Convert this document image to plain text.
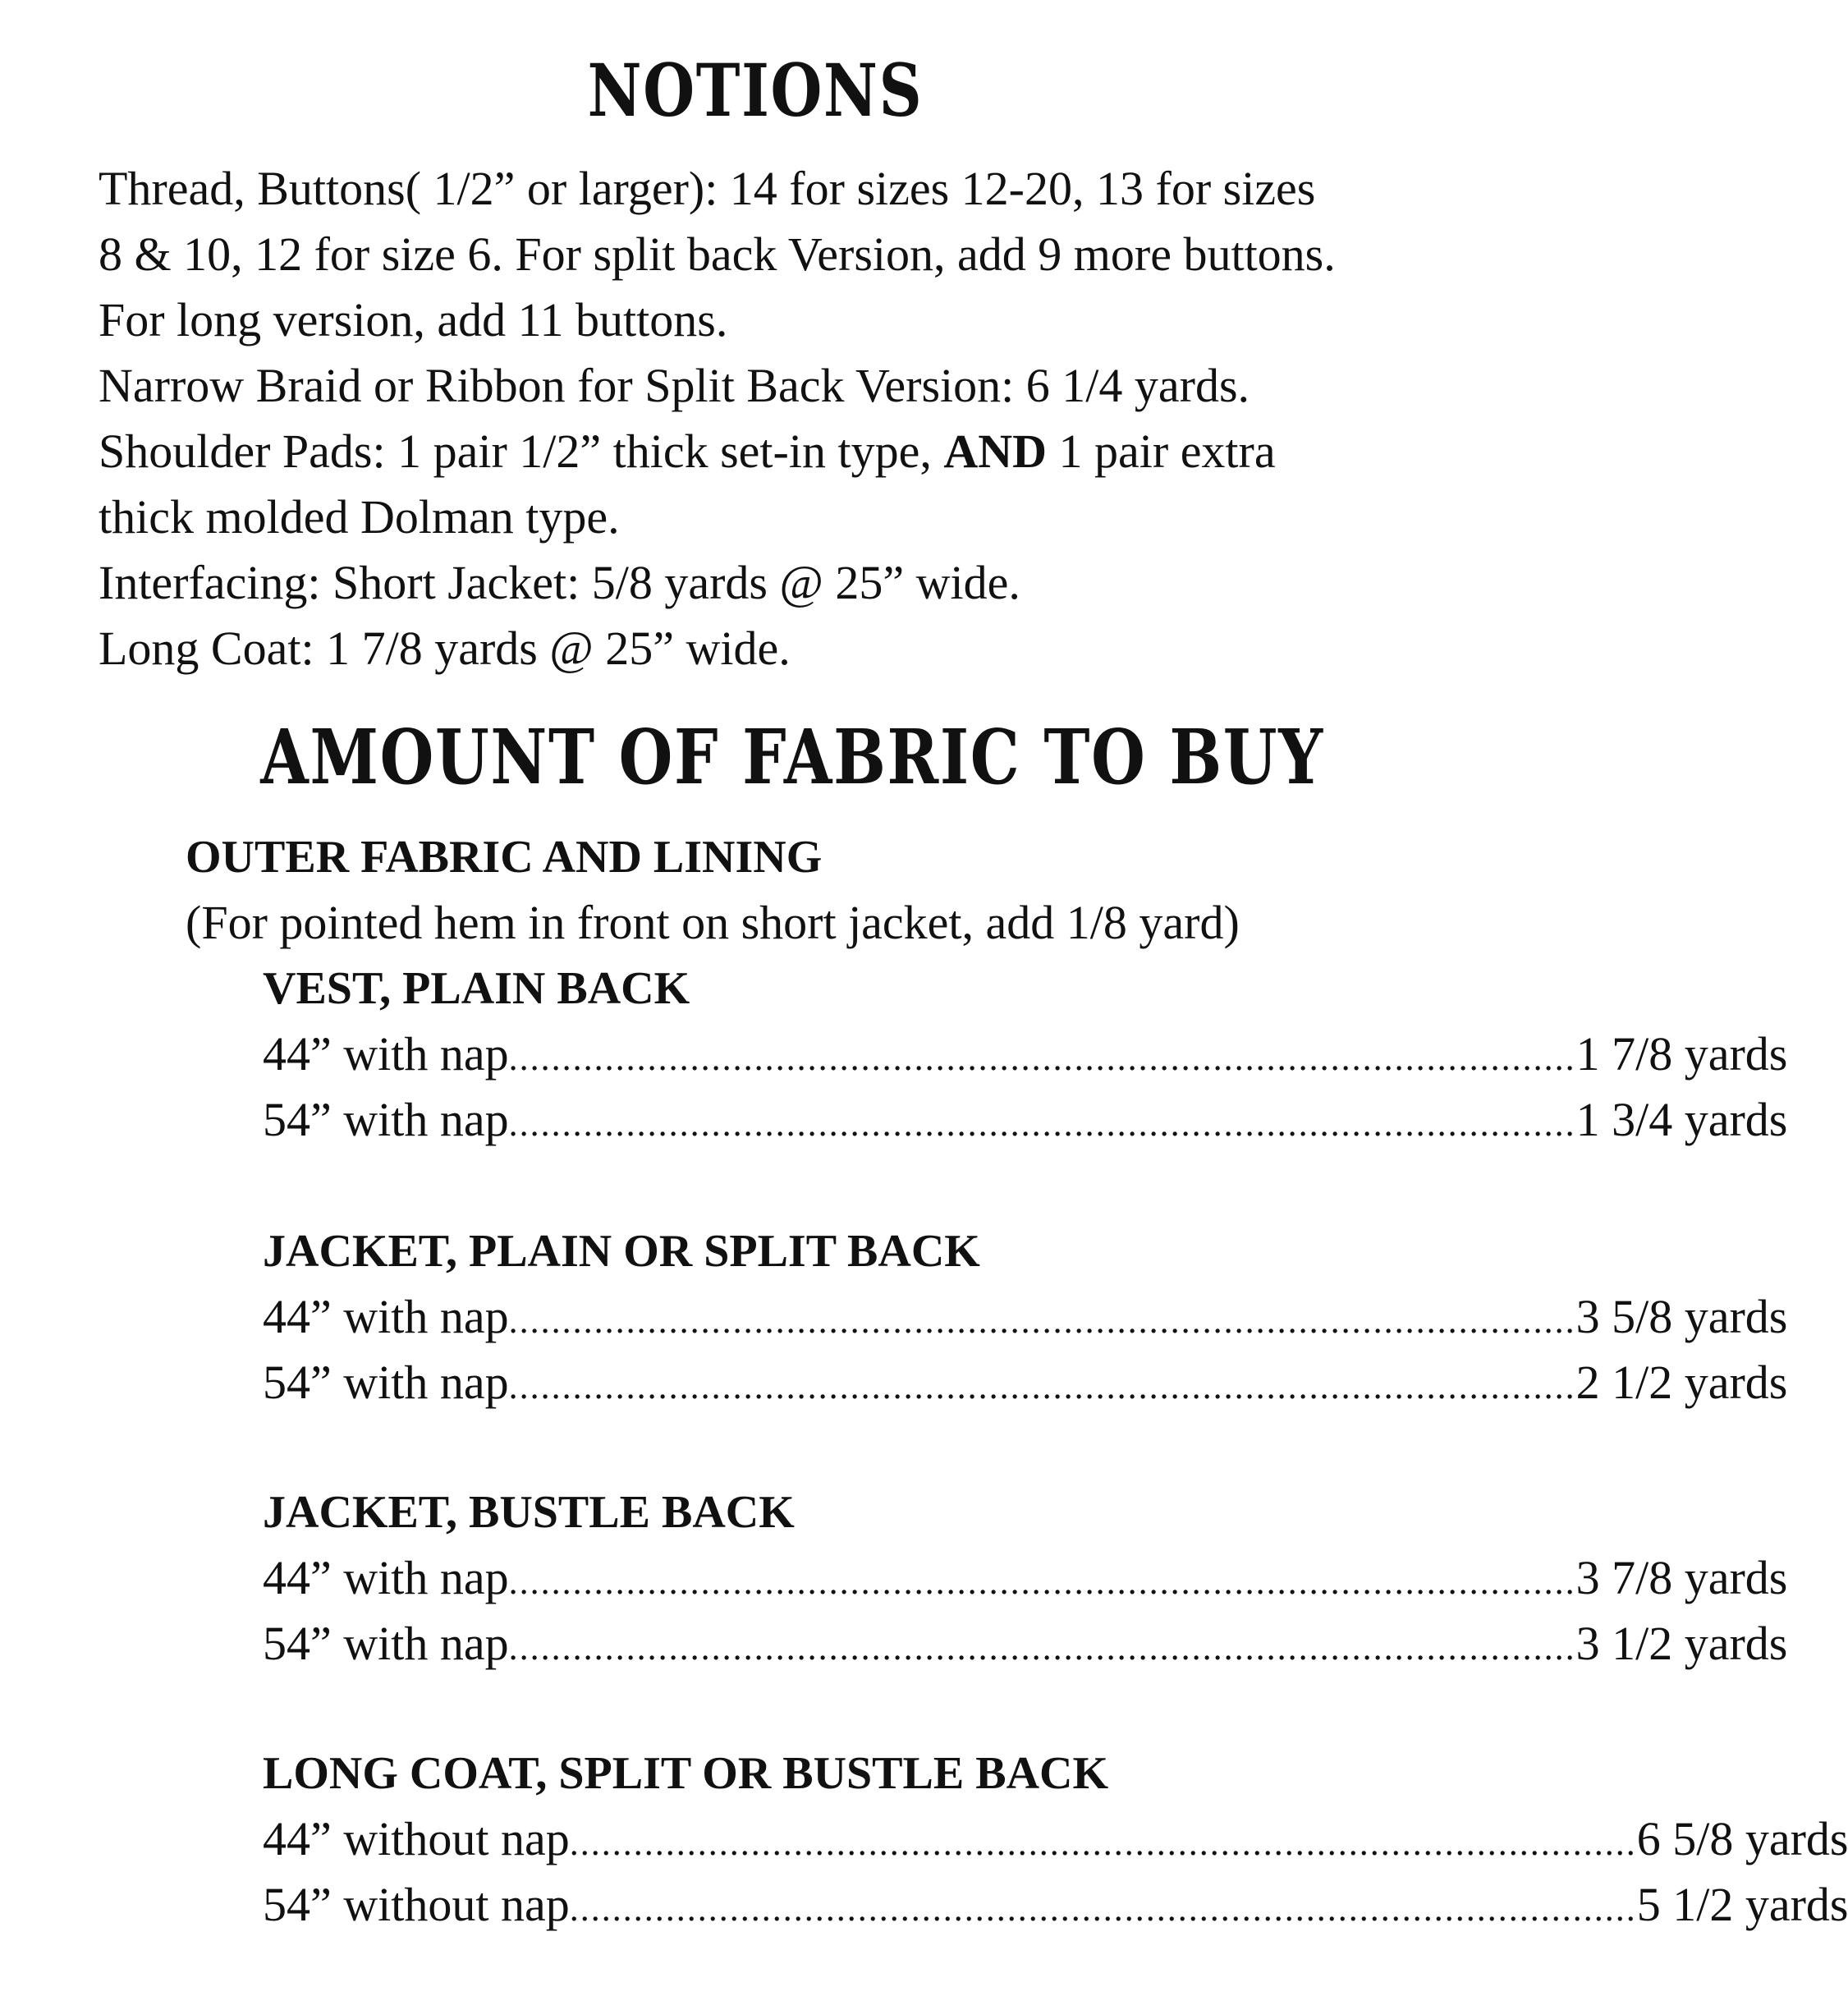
NOTIONS
Thread, Buttons( 1/2” or larger): 14 for sizes 12-20, 13 for sizes
8 & 10, 12 for size 6. For split back Version, add 9 more buttons.
For long version, add 11 buttons.
Narrow Braid or Ribbon for Split Back Version: 6 1/4 yards.
Shoulder Pads: 1 pair 1/2” thick set-in type, AND 1 pair extra
thick molded Dolman type.
Interfacing: Short Jacket: 5/8 yards @ 25” wide.
Long Coat: 1 7/8 yards @ 25” wide.
AMOUNT OF FABRIC TO BUY
OUTER FABRIC AND LINING
(For pointed hem in front on short jacket, add 1/8 yard)
VEST, PLAIN BACK
44” with nap .................................................................................................... 1 7/8 yards
54” with nap .................................................................................................... 1 3/4 yards
JACKET, PLAIN OR SPLIT BACK
44” with nap .................................................................................................... 3 5/8 yards
54” with nap .................................................................................................... 2 1/2 yards
JACKET, BUSTLE BACK
44” with nap .................................................................................................... 3 7/8 yards
54” with nap .................................................................................................... 3 1/2 yards
LONG COAT, SPLIT OR BUSTLE BACK
44” without nap .................................................................................................... 6 5/8 yards
54” without nap .................................................................................................... 5 1/2 yards
